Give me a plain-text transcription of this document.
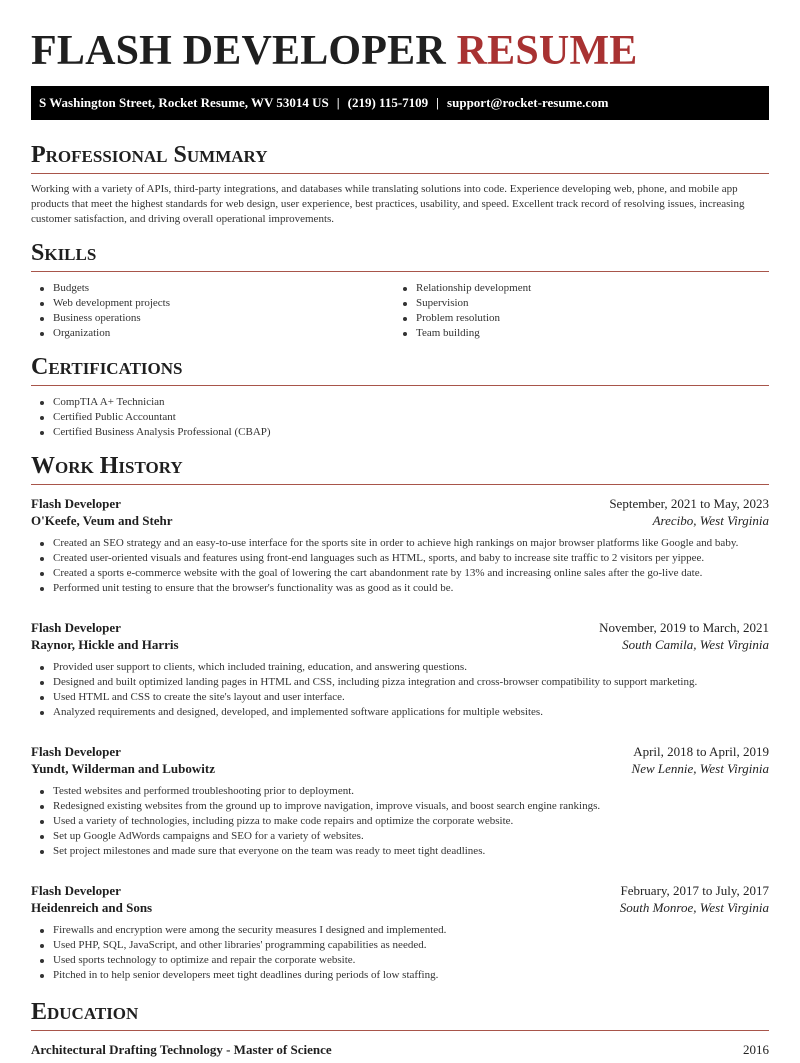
FLASH DEVELOPER RESUME
S Washington Street, Rocket Resume, WV 53014 US | (219) 115-7109 | support@rocket-resume.com
Professional Summary

Working with a variety of APIs, third-party integrations, and databases while translating solutions into code. Experience developing web, phone, and mobile app products that meet the highest standards for web design, user experience, best practices, usability, and speed. Excellent track record of resolving issues, increasing customer satisfaction, and driving overall operational improvements.

Skills
Budgets
Web development projects
Business operations
Organization
Relationship development
Supervision
Problem resolution
Team building
Certifications
CompTIA A+ Technician
Certified Public Accountant
Certified Business Analysis Professional (CBAP)
Work History
Flash Developer	September, 2021 to May, 2023
O'Keefe, Veum and Stehr	Arecibo, West Virginia
Created an SEO strategy and an easy-to-use interface for the sports site in order to achieve high rankings on major browser platforms like Google and baby.
Created user-oriented visuals and features using front-end languages such as HTML, sports, and baby to increase site traffic to 2 visitors per yippee.
Created a sports e-commerce website with the goal of lowering the cart abandonment rate by 13% and increasing online sales after the go-live date.
Performed unit testing to ensure that the browser's functionality was as good as it could be.
Flash Developer	November, 2019 to March, 2021
Raynor, Hickle and Harris	South Camila, West Virginia
Provided user support to clients, which included training, education, and answering questions.
Designed and built optimized landing pages in HTML and CSS, including pizza integration and cross-browser compatibility to support marketing.
Used HTML and CSS to create the site's layout and user interface.
Analyzed requirements and designed, developed, and implemented software applications for multiple websites.
Flash Developer	April, 2018 to April, 2019
Yundt, Wilderman and Lubowitz	New Lennie, West Virginia
Tested websites and performed troubleshooting prior to deployment.
Redesigned existing websites from the ground up to improve navigation, improve visuals, and boost search engine rankings.
Used a variety of technologies, including pizza to make code repairs and optimize the corporate website.
Set up Google AdWords campaigns and SEO for a variety of websites.
Set project milestones and made sure that everyone on the team was ready to meet tight deadlines.
Flash Developer	February, 2017 to July, 2017
Heidenreich and Sons	South Monroe, West Virginia
Firewalls and encryption were among the security measures I designed and implemented.
Used PHP, SQL, JavaScript, and other libraries' programming capabilities as needed.
Used sports technology to optimize and repair the corporate website.
Pitched in to help senior developers meet tight deadlines during periods of low staffing.
Education
Architectural Drafting Technology - Master of Science	2016
